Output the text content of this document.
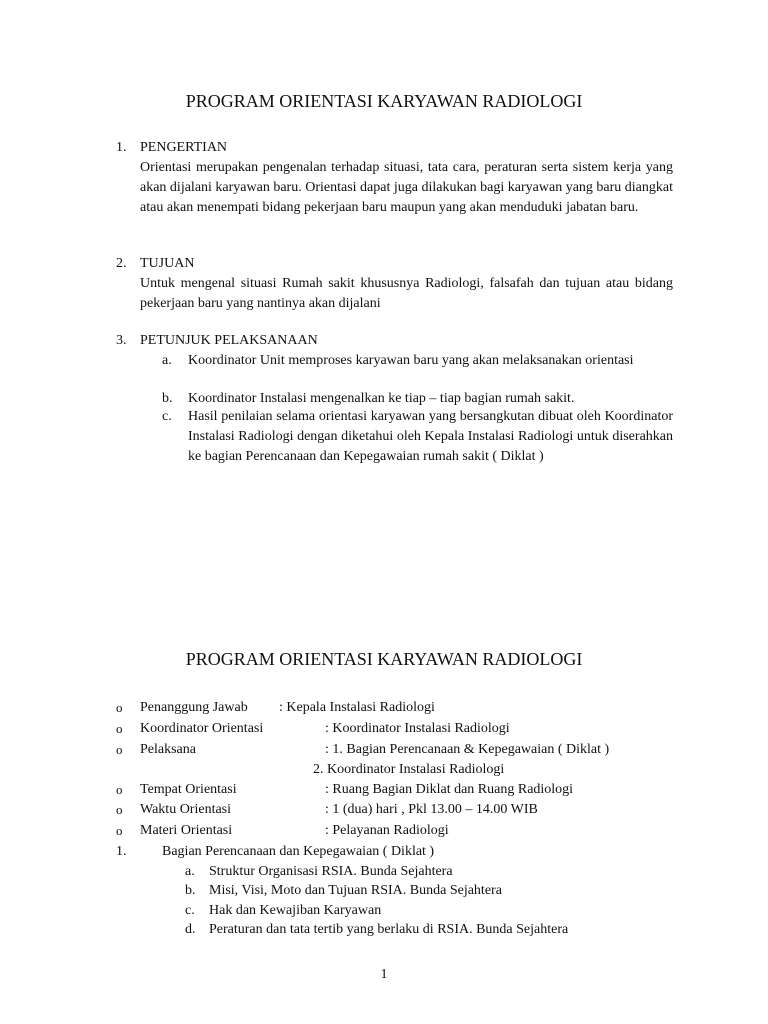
PROGRAM ORIENTASI KARYAWAN RADIOLOGI
1. PENGERTIAN

Orientasi merupakan pengenalan terhadap situasi, tata cara, peraturan serta sistem kerja yang akan dijalani karyawan baru. Orientasi dapat juga dilakukan bagi karyawan yang baru diangkat atau akan menempati bidang pekerjaan baru maupun yang akan menduduki jabatan baru.

2. TUJUAN

Untuk mengenal situasi Rumah sakit khususnya Radiologi, falsafah dan tujuan atau bidang pekerjaan baru yang nantinya akan dijalani

3. PETUNJUK PELAKSANAAN
a. Koordinator Unit memproses karyawan baru yang akan melaksanakan orientasi

b. Koordinator Instalasi mengenalkan ke tiap – tiap bagian rumah sakit.

c. Hasil penilaian selama orientasi karyawan yang bersangkutan dibuat oleh Koordinator Instalasi Radiologi dengan diketahui oleh Kepala Instalasi Radiologi untuk diserahkan ke bagian Perencanaan dan Kepegawaian rumah sakit ( Diklat )

PROGRAM ORIENTASI KARYAWAN RADIOLOGI
o Penanggung Jawab : Kepala Instalasi Radiologi
o Koordinator Orientasi	: Koordinator Instalasi Radiologi
o Pelaksana	: 1. Bagian Perencanaan & Kepegawaian ( Diklat )
2. Koordinator Instalasi Radiologi
o Tempat Orientasi	: Ruang Bagian Diklat dan Ruang Radiologi
o Waktu Orientasi	: 1 (dua) hari , Pkl 13.00 – 14.00 WIB
o Materi Orientasi	: Pelayanan Radiologi
1.	Bagian Perencanaan dan Kepegawaian ( Diklat )
a. Struktur Organisasi RSIA. Bunda Sejahtera
b. Misi, Visi, Moto dan Tujuan RSIA. Bunda Sejahtera
c. Hak dan Kewajiban Karyawan
d. Peraturan dan tata tertib yang berlaku di RSIA. Bunda Sejahtera
1
